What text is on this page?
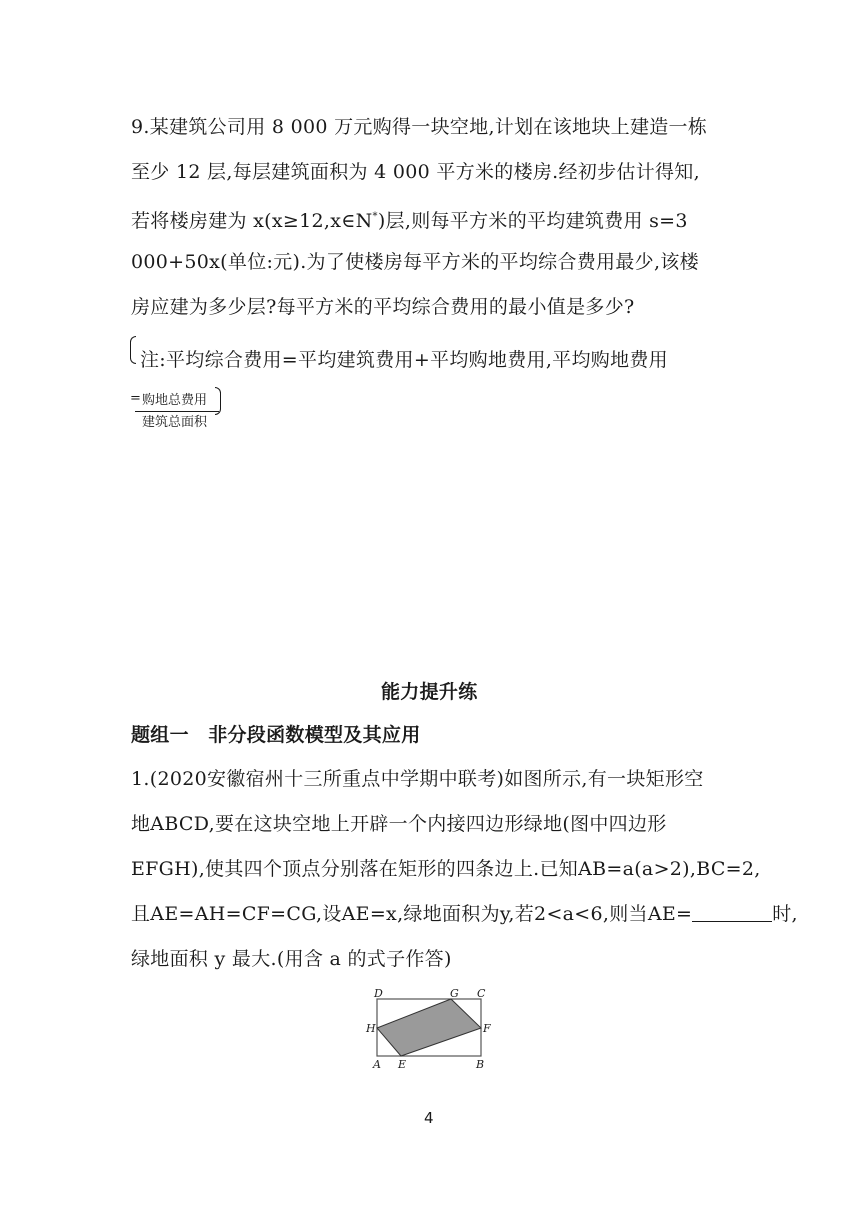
9.某建筑公司用 8 000 万元购得一块空地,计划在该地块上建造一栋
至少 12 层,每层建筑面积为 4 000 平方米的楼房.经初步估计得知,
若将楼房建为 x(x≥12,x∈N*)层,则每平方米的平均建筑费用 s=3
000+50x(单位:元).为了使楼房每平方米的平均综合费用最少,该楼
房应建为多少层?每平方米的平均综合费用的最小值是多少?
注:平均综合费用=平均建筑费用+平均购地费用,平均购地费用
= 购地总费用
建筑总面积
能力提升练
题组一　非分段函数模型及其应用
1.(2020安徽宿州十三所重点中学期中联考)如图所示,有一块矩形空
地ABCD,要在这块空地上开辟一个内接四边形绿地(图中四边形
EFGH),使其四个顶点分别落在矩形的四条边上.已知AB=a(a>2),BC=2,
且AE=AH=CF=CG,设AE=x,绿地面积为y,若2<a<6,则当AE=	时,
绿地面积 y 最大.(用含 a 的式子作答)
D	G C
H	F
A E	B
4
